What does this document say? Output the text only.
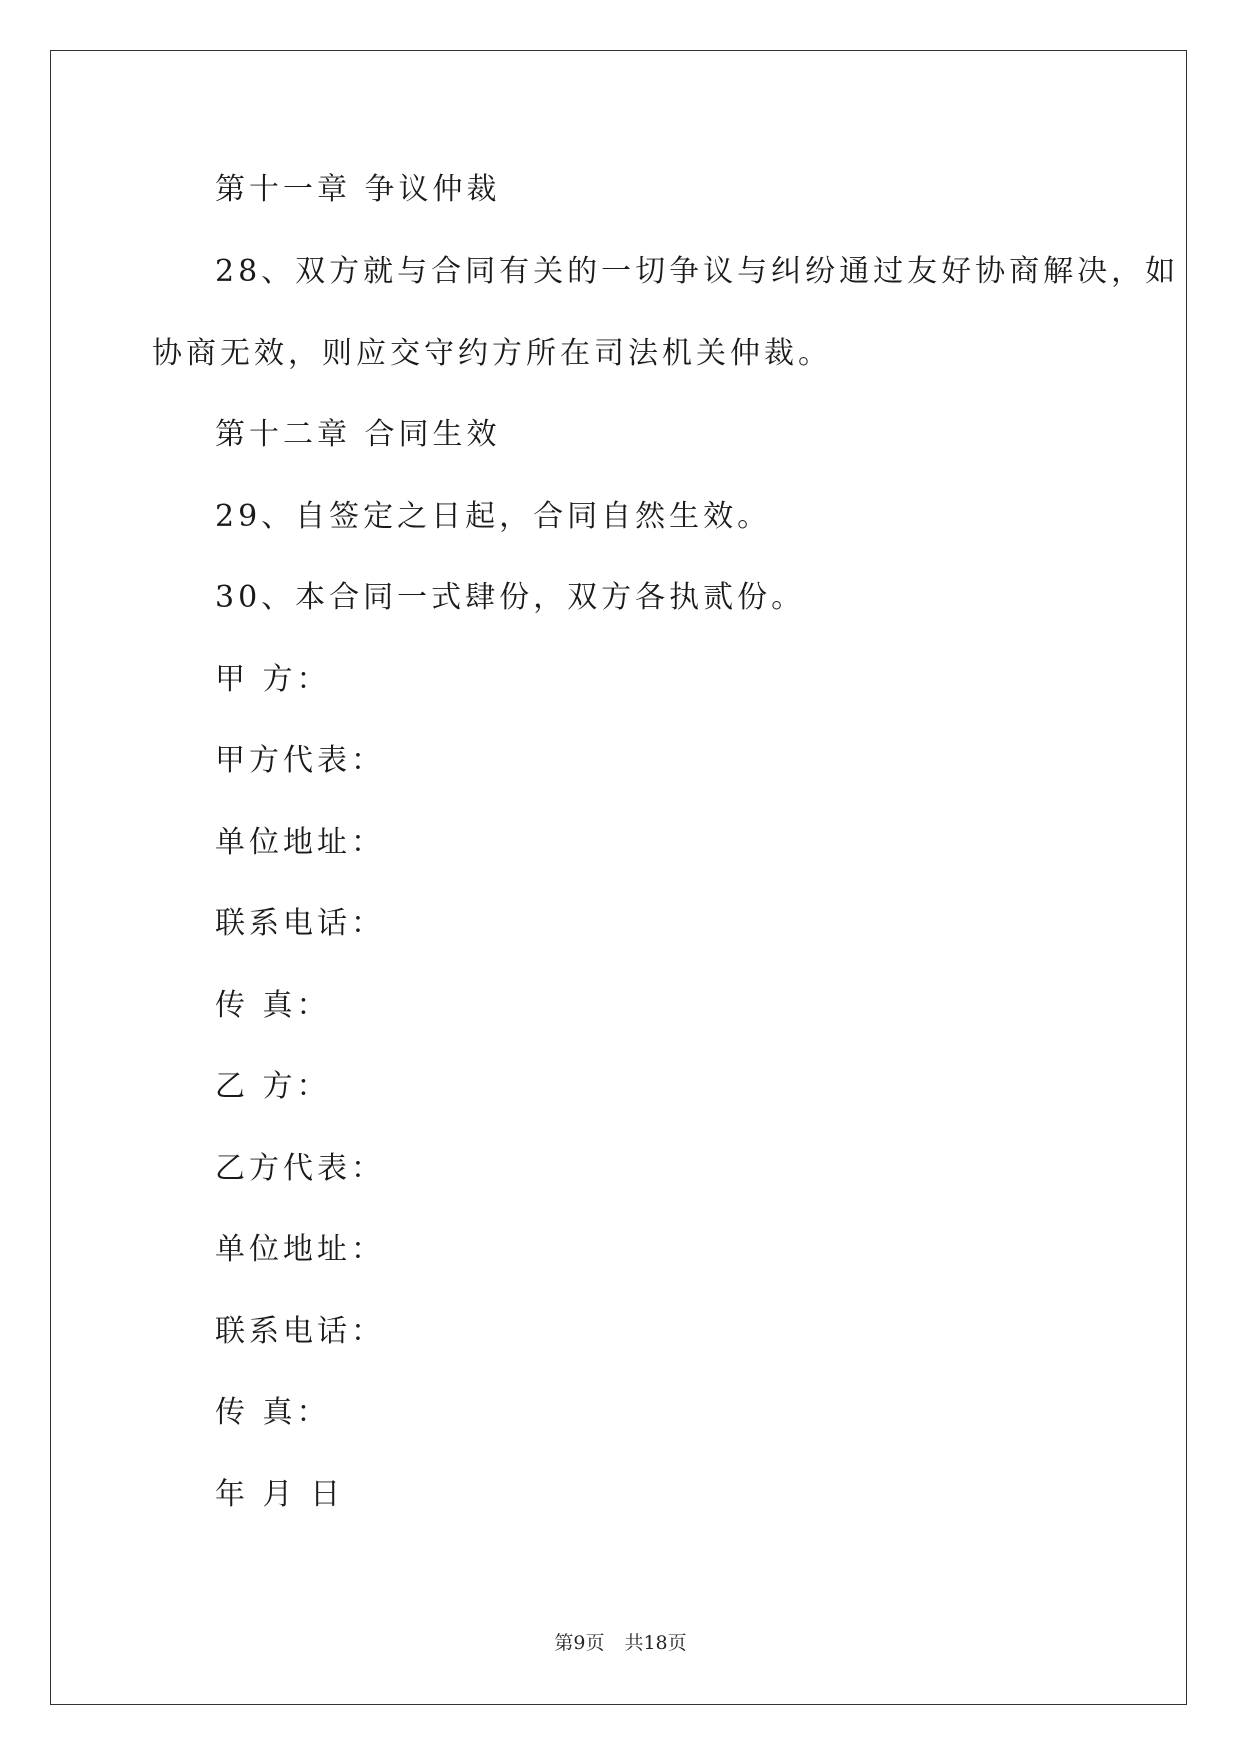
第十一章 争议仲裁
28、双方就与合同有关的一切争议与纠纷通过友好协商解决，如
协商无效，则应交守约方所在司法机关仲裁。
第十二章 合同生效
29、自签定之日起，合同自然生效。
30、本合同一式肆份，双方各执贰份。
甲 方：
甲方代表：
单位地址：
联系电话：
传 真：
乙 方：
乙方代表：
单位地址：
联系电话：
传 真：
年 月 日
第9页 共18页
